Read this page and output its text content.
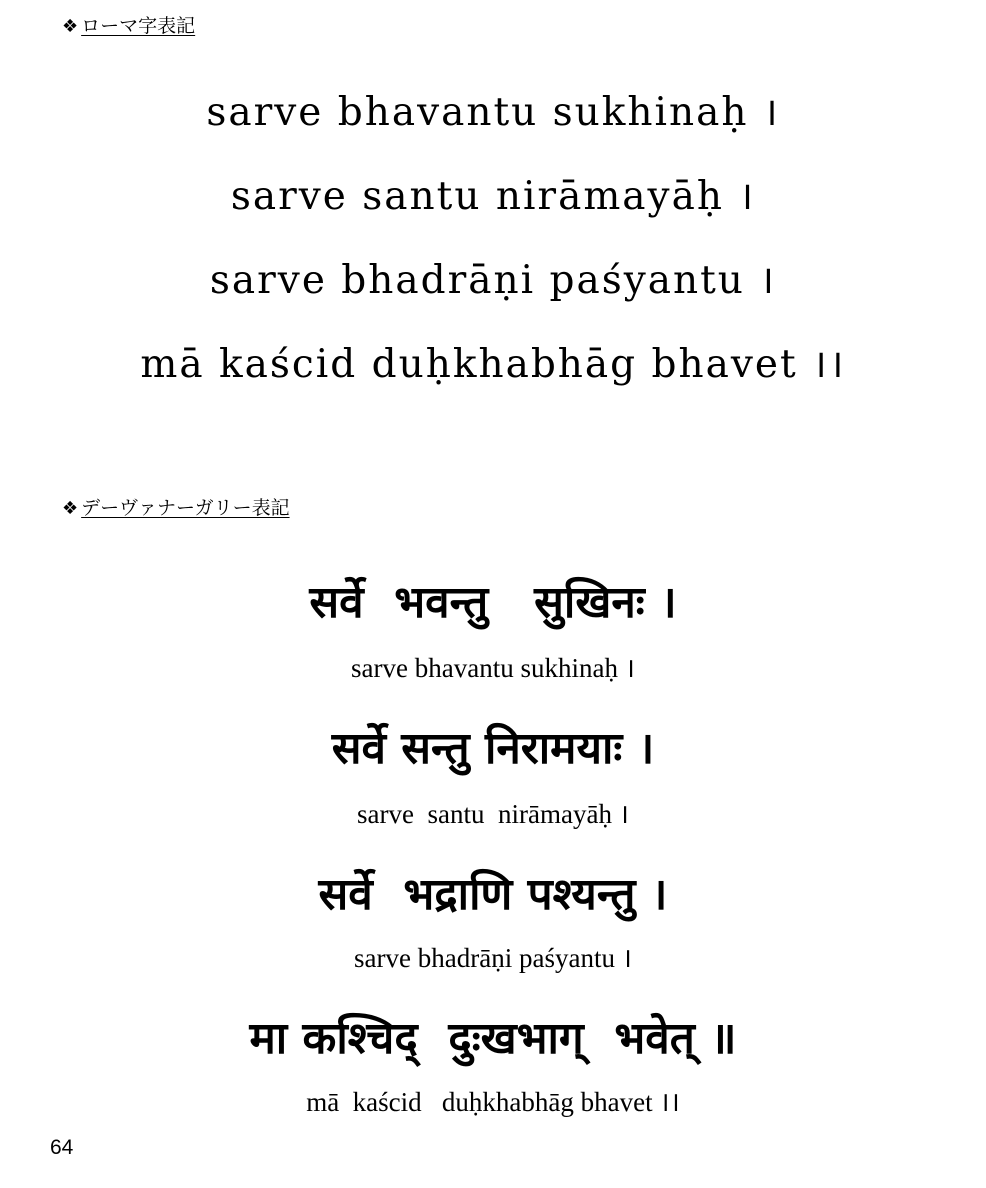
❖ ローマ字表記
sarve bhavantu sukhinaḥ ।
sarve santu nirāmayāḥ ।
sarve bhadrāṇi paśyantu ।
mā kaścid duḥkhabhāg bhavet ।।
❖ デーヴァナーガリー表記
सर्वे  भवन्तु   सुखिनः ।
sarve bhavantu sukhinaḥ ।
सर्वे सन्तु निरामयाः ।
sarve  santu  nirāmayāḥ ।
सर्वे  भद्राणि पश्यन्तु ।
sarve bhadrāṇi paśyantu ।
मा कश्चिद्  दुःखभाग्  भवेत् ॥
mā  kaścid   duḥkhabhāg bhavet ।।
64
